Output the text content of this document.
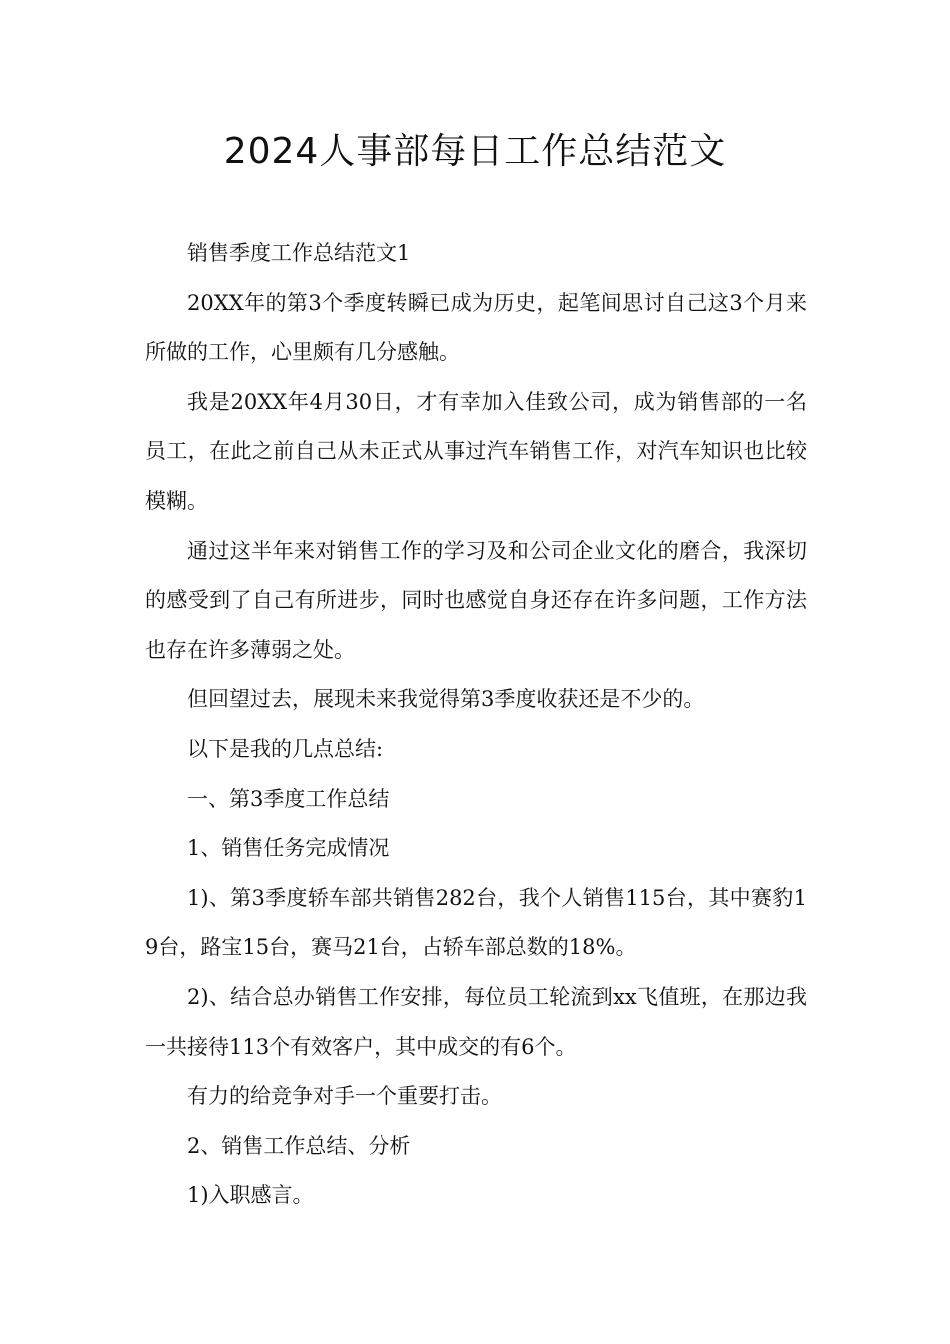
2024人事部每日工作总结范文

销售季度工作总结范文1

20XX年的第3个季度转瞬已成为历史，起笔间思讨自己这3个月来所做的工作，心里颇有几分感触。

我是20XX年4月30日，才有幸加入佳致公司，成为销售部的一名员工，在此之前自己从未正式从事过汽车销售工作，对汽车知识也比较模糊。

通过这半年来对销售工作的学习及和公司企业文化的磨合，我深切的感受到了自己有所进步，同时也感觉自身还存在许多问题，工作方法也存在许多薄弱之处。

但回望过去，展现未来我觉得第3季度收获还是不少的。

以下是我的几点总结:

一、第3季度工作总结

1、销售任务完成情况

1)、第3季度轿车部共销售282台，我个人销售115台，其中赛豹19台，路宝15台，赛马21台，占轿车部总数的18%。

2)、结合总办销售工作安排，每位员工轮流到xx飞值班，在那边我一共接待113个有效客户，其中成交的有6个。

有力的给竞争对手一个重要打击。

2、销售工作总结、分析

1)入职感言。
